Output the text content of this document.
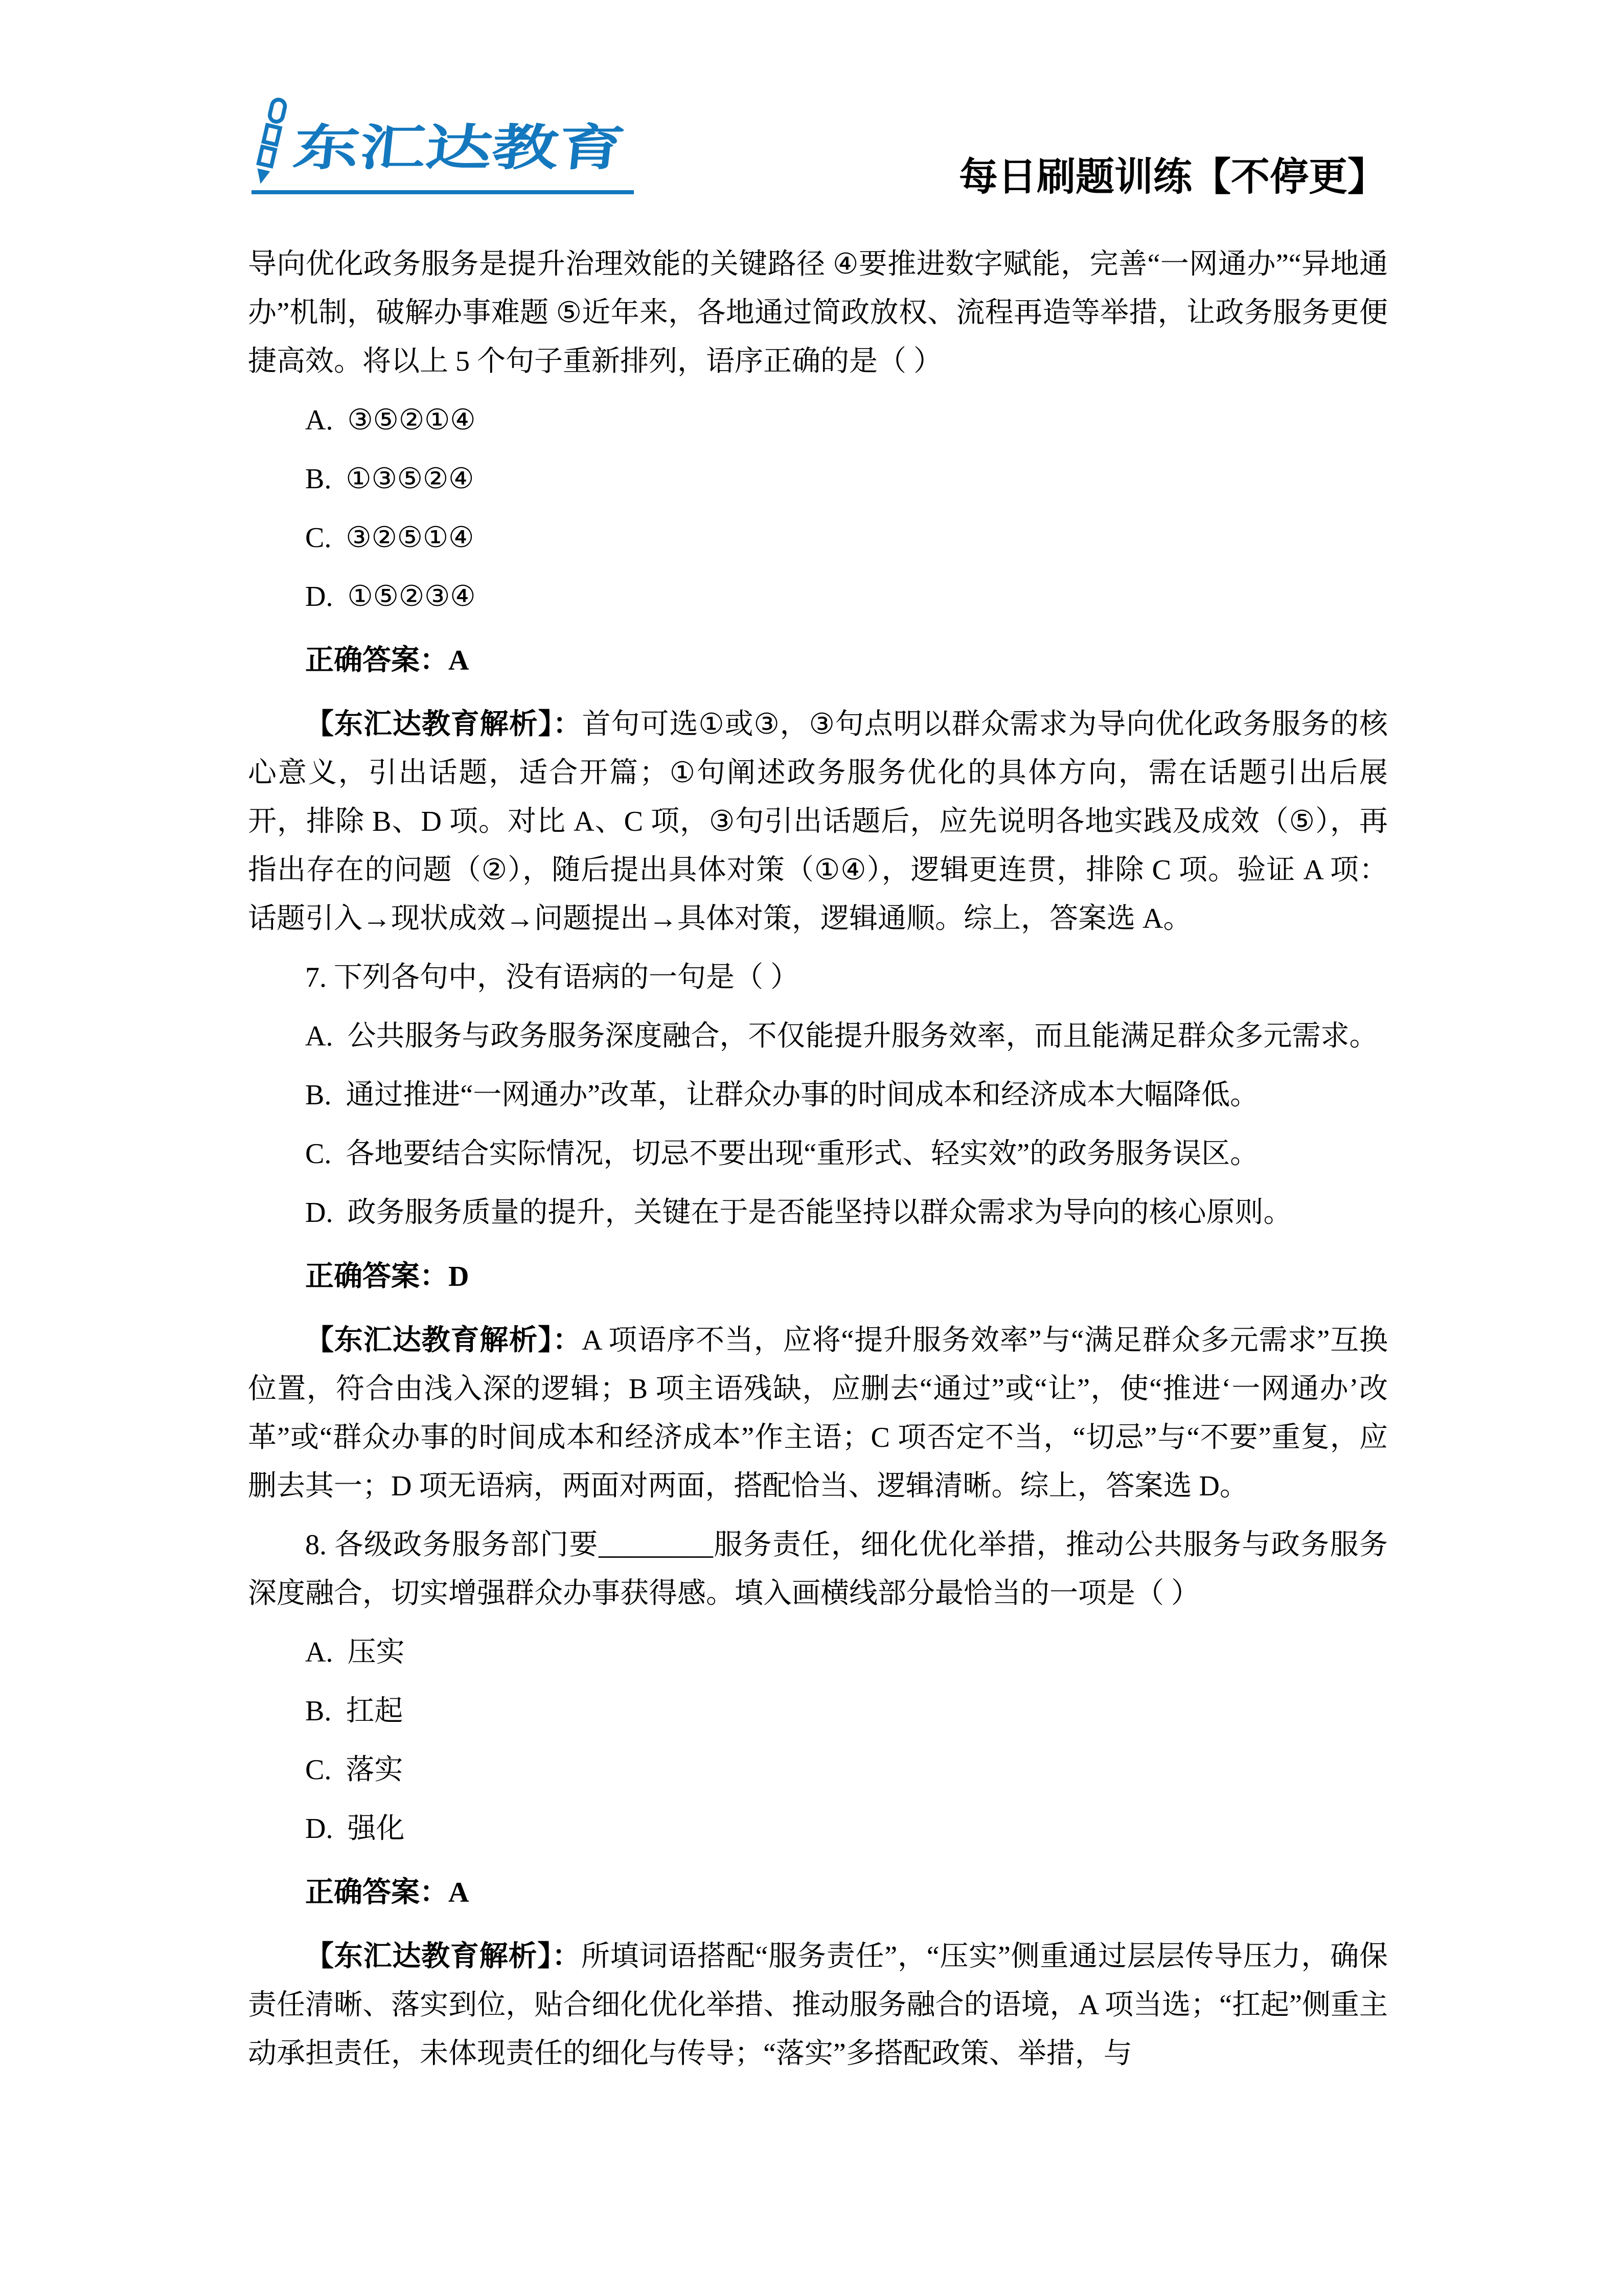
东汇达教育
每日刷题训练【不停更】

导向优化政务服务是提升治理效能的关键路径 ④要推进数字赋能，完善“一网通办”“异地通办”机制，破解办事难题 ⑤近年来，各地通过简政放权、流程再造等举措，让政务服务更便捷高效。将以上 5 个句子重新排列，语序正确的是（ ）

A. ③⑤②①④

B. ①③⑤②④

C. ③②⑤①④

D. ①⑤②③④

正确答案：A

【东汇达教育解析】：首句可选①或③，③句点明以群众需求为导向优化政务服务的核心意义，引出话题，适合开篇；①句阐述政务服务优化的具体方向，需在话题引出后展开，排除 B、D 项。对比 A、C 项，③句引出话题后，应先说明各地实践及成效（⑤），再指出存在的问题（②），随后提出具体对策（①④），逻辑更连贯，排除 C 项。验证 A 项：话题引入→现状成效→问题提出→具体对策，逻辑通顺。综上，答案选 A。

7. 下列各句中，没有语病的一句是（ ）

A. 公共服务与政务服务深度融合，不仅能提升服务效率，而且能满足群众多元需求。

B. 通过推进“一网通办”改革，让群众办事的时间成本和经济成本大幅降低。

C. 各地要结合实际情况，切忌不要出现“重形式、轻实效”的政务服务误区。

D. 政务服务质量的提升，关键在于是否能坚持以群众需求为导向的核心原则。

正确答案：D

【东汇达教育解析】：A 项语序不当，应将“提升服务效率”与“满足群众多元需求”互换位置，符合由浅入深的逻辑；B 项主语残缺，应删去“通过”或“让”，使“推进‘一网通办’改革”或“群众办事的时间成本和经济成本”作主语；C 项否定不当，“切忌”与“不要”重复，应删去其一；D 项无语病，两面对两面，搭配恰当、逻辑清晰。综上，答案选 D。

8. 各级政务服务部门要________服务责任，细化优化举措，推动公共服务与政务服务深度融合，切实增强群众办事获得感。填入画横线部分最恰当的一项是（ ）

A. 压实

B. 扛起

C. 落实

D. 强化

正确答案：A

【东汇达教育解析】：所填词语搭配“服务责任”，“压实”侧重通过层层传导压力，确保责任清晰、落实到位，贴合细化优化举措、推动服务融合的语境，A 项当选；“扛起”侧重主动承担责任，未体现责任的细化与传导；“落实”多搭配政策、举措，与
